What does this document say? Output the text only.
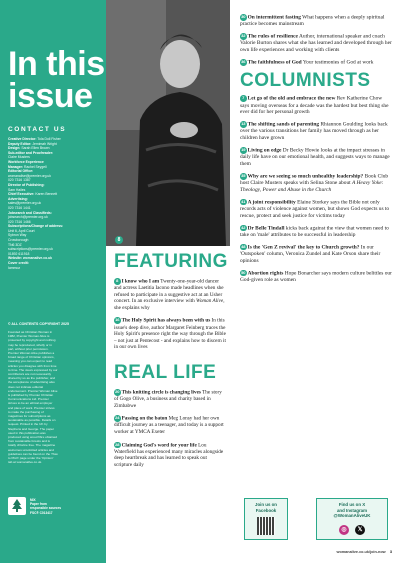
In this
issue
CONTACT US
Creative Director: Tola Doll Fisher
Deputy Editor: Jemimah Wright
Design: Sarah Ellen Brown
Sub-editor and Proofreader:
Claire Musters
Workforce Experience
Manager: Rachel Seygell
Editorial Office:
womanalive@premier.org.uk
020 7316 1387
Director of Publishing:
Sam Hailes
Chief Executive: Karen Bennett
Advertising:
sales@premier.org.uk
020 7316 1441
Jobsearch and Classifieds:
jobsearch@premier.org.uk
020 7316 1466
Subscriptions/Change of address:
Unit 6, April Court
Sybron Way
Crowborough
TN6 3DZ
subscriptions@premier.org.uk
01892 611918
Website: womanalive.co.uk
Cover credit:
Iammoz
© ALL CONTENTS COPYRIGHT 2025
Founded as Christian Woman in 1982, Premier Woman Alive is protected by copyright and nothing may be reproduced, wholly or in part, without prior permission. Premier Woman Alive publishes a broad range of Christian opinions, meaning you can expect to read articles you disagree with from time to time. The views expressed by our contributors are not necessarily shared by us as the publisher, and the acceptance of advertising also does not indicate editorial endorsement. Premier Woman Alive is published by Premier Christian Communications Ltd. Premier strives to be an ethical employer and place of work. Premier strives to make the purchasing of magazines for subscriptions as sustainable as possible. Details on request. Printed in the UK by Stephens and George. The paper used in this publication was produced using wood fibre obtained from sustainable forests and is totally chlorine free. The magazine welcomes unsolicited articles and guidelines can be found on the 'How to Pitch' page under the 'Opinion' tab at womanalive.co.uk.
MIX
Paper from
responsible sources
FSC® C013417
8
FEATURING
8 I know who I am Twenty-one-year-old dancer and actress Laetitia Iacono made headlines when she refused to participate in a suggestive act at an Usher concert. In an exclusive interview with Woman Alive, she explains why
16 The Holy Spirit has always been with us In this issue's deep dive, author Margaret Feinberg traces the Holy Spirit's presence right the way through the Bible – not just at Pentecost - and explains how to discern it in our own lives
REAL LIFE
20 This knitting circle is changing lives The story of Gogo Olive, a business and charity based in Zimbabwe
24 Passing on the baton Meg Lonsy had her own difficult journey as a teenager, and today is a support worker at YMCA Exeter
28 Claiming God's word for your life Lou Waterfield has experienced many miracles alongside deep heartbreak and has learned to speak out scripture daily
30 On intermittent fasting What happens when a deeply spiritual practice becomes mainstream
32 The rules of resilience Author, international speaker and coach Valorie Burton shares what she has learned and developed through her own life experiences and working with clients
36 The faithfulness of God Your testimonies of God at work
COLUMNISTS
7 Let go of the old and embrace the new Rev Katherine Chow says moving overseas for a decade was the hardest but best thing she ever did for her personal growth
13 The shifting sands of parenting Rhiannon Goulding looks back over the various transitions her family has moved through as her children have grown
19 Living on edge Dr Becky Howie looks at the impact stresses in daily life have on our emotional health, and suggests ways to manage them
35 Why are we seeing so much unhealthy leadership? Book Club host Claire Musters speaks with Selina Stone about A Heavy Yoke: Theology, Power and Abuse in the Church
41 A joint responsibility Elaine Storkey says the Bible not only records acts of violence against women, but shows God expects us to rescue, protect and seek justice for victims today
42 Dr Belle Tindall kicks back against the view that women need to take on 'male' attributes to be successful in leadership
48 Is the 'Gen Z revival' the key to Church growth? In our 'Outspoken' column, Veronica Zundel and Kate Orson share their opinions
50 Abortion rights Hope Bonarcher says modern culture belittles our God-given role as women
Join us on
Facebook
Find us on X
and Instagram
@WomanAliveUK
◎	𝕏
womanalive.co.uk/join-now 3
